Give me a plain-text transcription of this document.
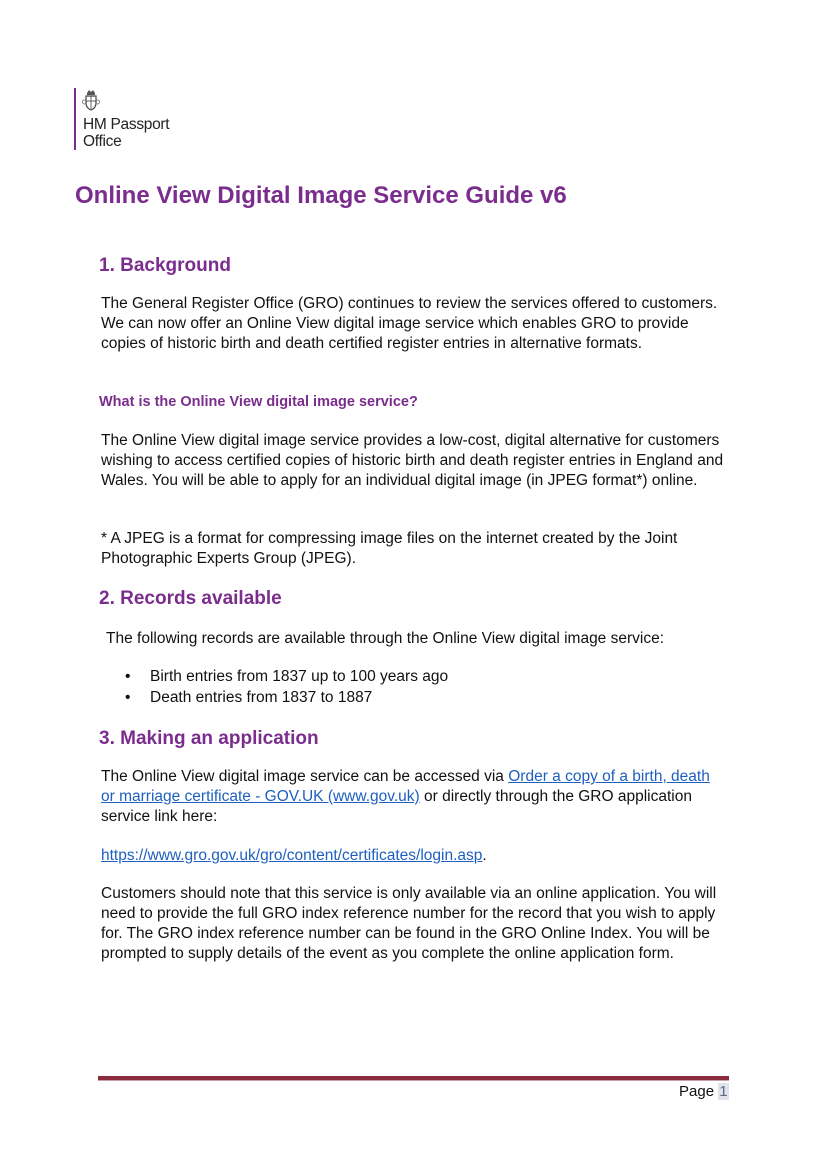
HM Passport
Office
Online View Digital Image Service Guide v6
1. Background

The General Register Office (GRO) continues to review the services offered to customers. We can now offer an Online View digital image service which enables GRO to provide copies of historic birth and death certified register entries in alternative formats.

What is the Online View digital image service?

The Online View digital image service provides a low-cost, digital alternative for customers wishing to access certified copies of historic birth and death register entries in England and Wales. You will be able to apply for an individual digital image (in JPEG format*) online.

* A JPEG is a format for compressing image files on the internet created by the Joint Photographic Experts Group (JPEG).

2. Records available

The following records are available through the Online View digital image service:

• Birth entries from 1837 up to 100 years ago
• Death entries from 1837 to 1887
3. Making an application

The Online View digital image service can be accessed via Order a copy of a birth, death or marriage certificate - GOV.UK (www.gov.uk) or directly through the GRO application service link here:

https://www.gro.gov.uk/gro/content/certificates/login.asp.

Customers should note that this service is only available via an online application. You will need to provide the full GRO index reference number for the record that you wish to apply for. The GRO index reference number can be found in the GRO Online Index. You will be prompted to supply details of the event as you complete the online application form.

Page 1
